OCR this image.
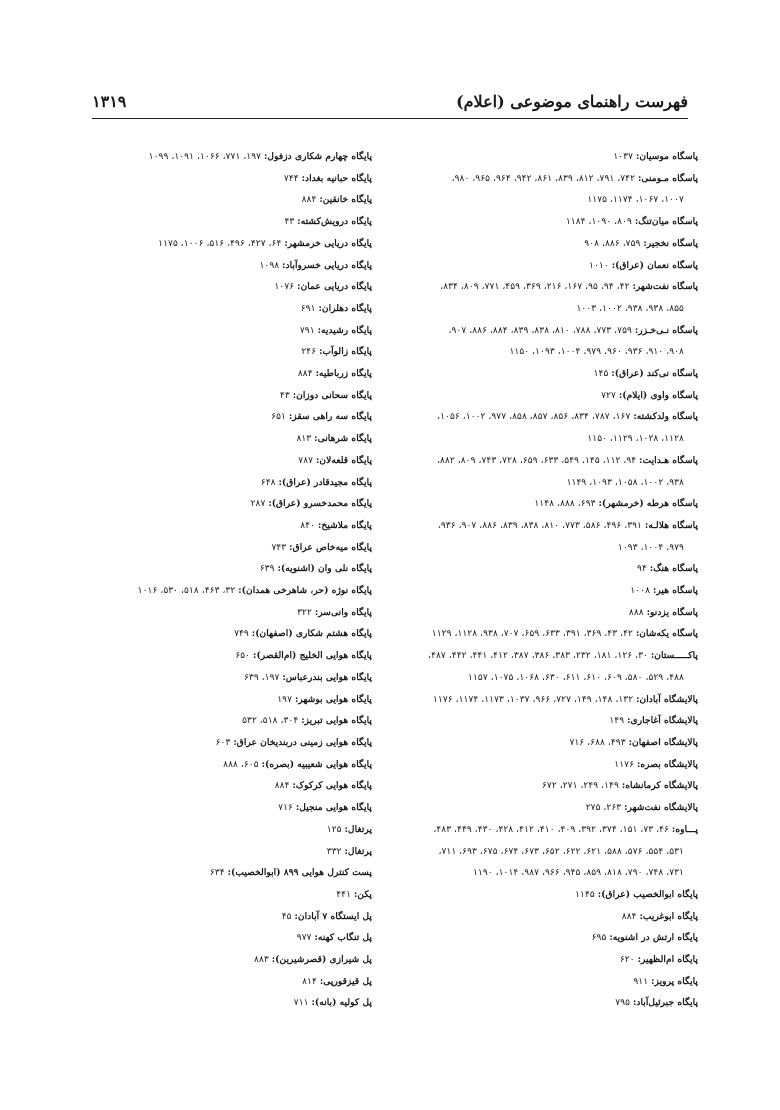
فهرست راهنمای موضوعی (اعلام)
۱۳۱۹
پاسگاه موسیان: ۱۰۳۷
پاسگاه مـومنی: ۷۴۲، ۷۹۱، ۸۱۲، ۸۳۹، ۸۶۱، ۹۴۲، ۹۶۴، ۹۶۵، ۹۸۰،
۱۰۰۷، ۱۰۶۷، ۱۱۷۴، ۱۱۷۵
پاسگاه میان‌تنگ: ۸۰۹، ۱۰۹۰، ۱۱۸۴
پاسگاه نخجیر: ۷۵۹، ۸۸۶، ۹۰۸
پاسگاه نعمان (عراق): ۱۰۱۰
پاسگاه نفت‌شهر: ۴۲، ۹۴، ۹۵، ۱۶۷، ۲۱۶، ۳۶۹، ۴۵۹، ۷۷۱، ۸۰۹، ۸۳۴،
۸۵۵، ۹۳۸، ۹۳۸، ۱۰۰۲، ۱۰۰۳
پاسگاه نـی‌خـزر: ۷۵۹، ۷۷۳، ۷۸۸، ۸۱۰، ۸۳۸، ۸۳۹، ۸۸۴، ۸۸۶، ۹۰۷،
۹۰۸، ۹۱۰، ۹۳۶، ۹۶۰، ۹۷۹، ۱۰۰۴، ۱۰۹۳، ۱۱۵۰
پاسگاه نی‌کند (عراق): ۱۴۵
پاسگاه واوی (ایلام): ۷۲۷
پاسگاه ولدکشته: ۱۶۷، ۷۸۷، ۸۳۴، ۸۵۶، ۸۵۷، ۸۵۸، ۹۷۷، ۱۰۰۲، ۱۰۵۶،
۱۱۲۸، ۱۰۲۸، ۱۱۲۹، ۱۱۵۰
پاسگاه هـدایت: ۹۴، ۱۱۲، ۱۴۵، ۵۴۹، ۶۳۳، ۶۵۹، ۷۲۸، ۷۴۳، ۸۰۹، ۸۸۲،
۹۳۸، ۱۰۰۲، ۱۰۵۸، ۱۰۹۳، ۱۱۴۹
پاسگاه هرطه (خرمشهر): ۶۹۳، ۸۸۸، ۱۱۴۸
پاسگاه هلالـه: ۳۹۱، ۴۹۶، ۵۸۶، ۷۷۳، ۸۱۰، ۸۳۸، ۸۳۹، ۸۸۶، ۹۰۷، ۹۳۶،
۹۷۹، ۱۰۰۴، ۱۰۹۳
پاسگاه هنگ: ۹۴
پاسگاه هیر: ۱۰۰۸
پاسگاه یزدنو: ۸۸۸
پاسگاه یکه‌شان: ۴۲، ۴۳، ۳۶۹، ۳۹۱، ۶۳۳، ۶۵۹، ۷۰۷، ۹۳۸، ۱۱۲۸، ۱۱۲۹
پاکـــــستان: ۳۰، ۱۲۶، ۱۸۱، ۲۳۲، ۳۸۳، ۳۸۶، ۳۸۷، ۴۱۲، ۴۴۱، ۴۴۲، ۴۸۷،
۴۸۸، ۵۲۹، ۵۸۰، ۶۰۹، ۶۱۰، ۶۱۱، ۶۳۰، ۱۰۶۸، ۱۰۷۵، ۱۱۵۷
پالایشگاه آبادان: ۱۳۲، ۱۴۸، ۱۴۹، ۷۲۷، ۹۶۶، ۱۰۳۷، ۱۱۷۳، ۱۱۷۴، ۱۱۷۶
پالایشگاه آغاجاری: ۱۴۹
پالایشگاه اصفهان: ۴۹۳، ۶۸۸، ۷۱۶
پالایشگاه بصره: ۱۱۷۶
پالایشگاه کرمانشاه: ۱۴۹، ۲۴۹، ۲۷۱، ۶۷۲
پالایشگاه نفت‌شهر: ۲۶۳، ۲۷۵
پـــاوه: ۴۶، ۷۳، ۱۵۱، ۳۷۴، ۳۹۲، ۴۰۹، ۴۱۰، ۴۱۲، ۴۲۸، ۴۳۰، ۴۴۹، ۴۸۳،
۵۳۱، ۵۵۴، ۵۷۶، ۵۸۸، ۶۲۱، ۶۲۲، ۶۵۲، ۶۷۳، ۶۷۴، ۶۷۵، ۶۹۳، ۷۱۱،
۷۳۱، ۷۴۸، ۷۹۰، ۸۱۸، ۸۵۹، ۹۴۵، ۹۶۶، ۹۸۷، ۱۰۱۴، ۱۱۹۰
پایگاه ابوالخصیب (عراق): ۱۱۴۵
پایگاه ابوغریب: ۸۸۴
پایگاه ارتش در اشنویه: ۶۹۵
پایگاه ام‌الظهیر: ۶۲۰
پایگاه پرویز: ۹۱۱
پایگاه جبرئیل‌آباد: ۷۹۵
پایگاه چهارم شکاری دزفول: ۱۹۷، ۷۷۱، ۱۰۶۶، ۱۰۹۱، ۱۰۹۹
پایگاه حبانیه بغداد: ۷۴۴
پایگاه خانقین: ۸۸۴
پایگاه درویش‌کشته: ۴۳
پایگاه دریایی خرمشهر: ۶۴، ۴۲۷، ۴۹۶، ۵۱۶، ۱۰۰۶، ۱۱۷۵
پایگاه دریایی خسروآباد: ۱۰۹۸
پایگاه دریایی عمان: ۱۰۷۶
پایگاه دهلران: ۶۹۱
پایگاه رشیدیه: ۷۹۱
پایگاه زالوآب: ۲۴۶
پایگاه زرباطیه: ۸۸۴
پایگاه سحانی دوزان: ۴۳
پایگاه سه راهی سقز: ۶۵۱
پایگاه شرهانی: ۸۱۳
پایگاه قلعه‌لان: ۷۸۷
پایگاه مجیدقادر (عراق): ۶۴۸
پایگاه محمدخسرو (عراق): ۲۸۷
پایگاه ملاشیخ: ۸۴۰
پایگاه میه‌خاص عراق: ۷۴۳
پایگاه نلی وان (اشنویه): ۶۳۹
پایگاه نوژه (حر، شاهرخی همدان): ۳۲، ۴۶۳، ۵۱۸، ۵۳۰، ۱۰۱۶
پایگاه وانی‌سر: ۳۲۲
پایگاه هشتم شکاری (اصفهان): ۷۴۹
پایگاه هوایی الخلیج (ام‌القصر): ۶۵۰
پایگاه هوایی بندرعباس: ۱۹۷، ۶۳۹
پایگاه هوایی بوشهر: ۱۹۷
پایگاه هوایی تبریز: ۳۰۴، ۵۱۸، ۵۳۲
پایگاه هوایی زمینی دربندیخان عراق: ۶۰۳
پایگاه هوایی شعیبیه (بصره): ۶۰۵، ۸۸۸
پایگاه هوایی کرکوک: ۸۸۴
پایگاه هوایی منجیل: ۷۱۶
پرتغال: ۱۲۵
پرتغال: ۳۳۲
پست کنترل هوایی ۸۹۹ (ابوالخصیب): ۶۳۴
پکن: ۴۴۱
پل ایستگاه ۷ آبادان: ۴۵
پل تنگاب کهنه: ۹۷۷
پل شیرازی (قصرشیرین): ۸۸۳
پل قیزقورپی: ۸۱۴
پل کولیه (بانه): ۷۱۱
